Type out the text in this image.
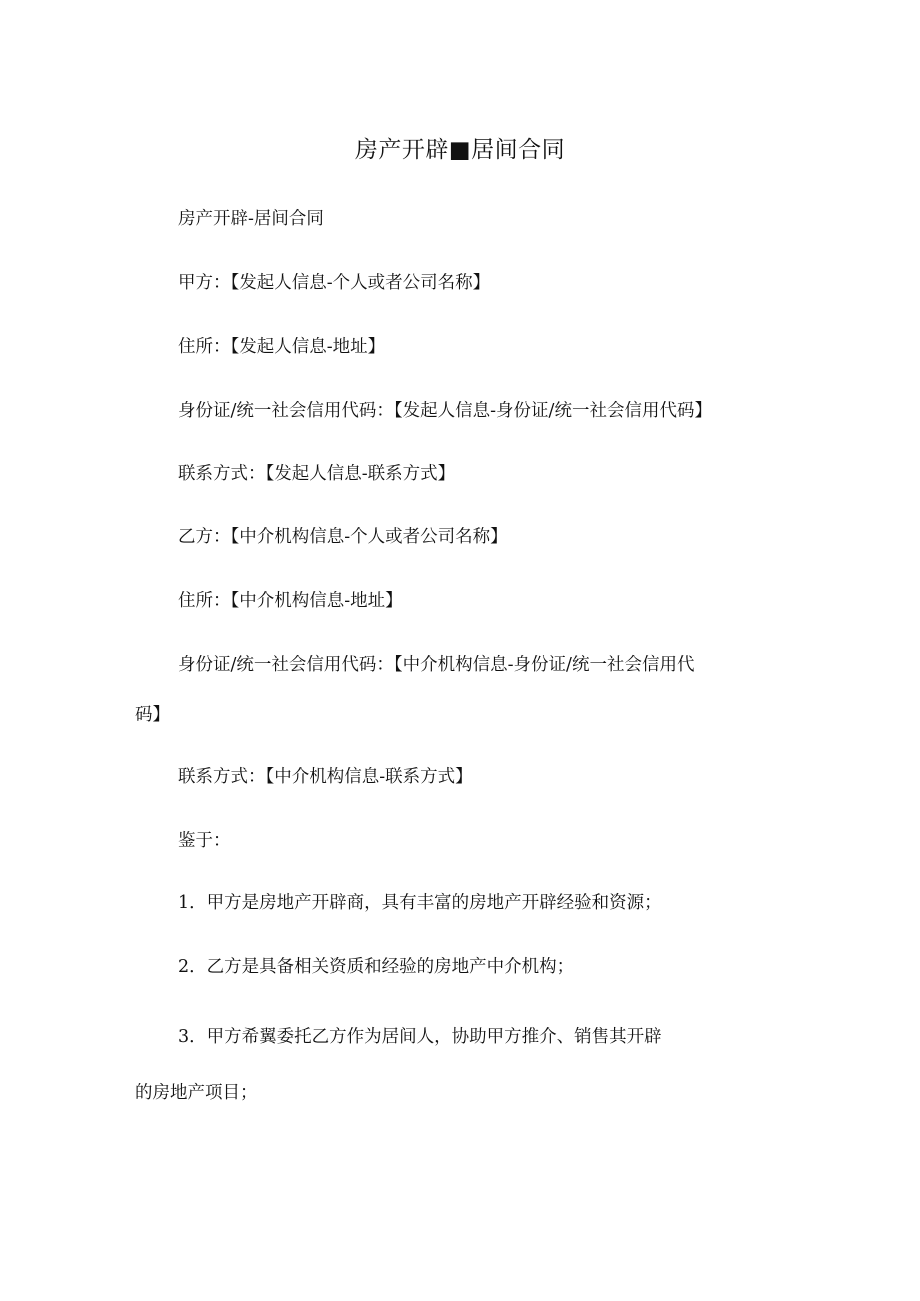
房产开辟■居间合同

房产开辟-居间合同

甲方：【发起人信息-个人或者公司名称】

住所：【发起人信息-地址】

身份证/统一社会信用代码：【发起人信息-身份证/统一社会信用代码】

联系方式：【发起人信息-联系方式】

乙方：【中介机构信息-个人或者公司名称】

住所：【中介机构信息-地址】

身份证/统一社会信用代码：【中介机构信息-身份证/统一社会信用代

码】

联系方式：【中介机构信息-联系方式】

鉴于：

1．甲方是房地产开辟商，具有丰富的房地产开辟经验和资源；

2．乙方是具备相关资质和经验的房地产中介机构；

3．甲方希翼委托乙方作为居间人，协助甲方推介、销售其开辟

的房地产项目；
